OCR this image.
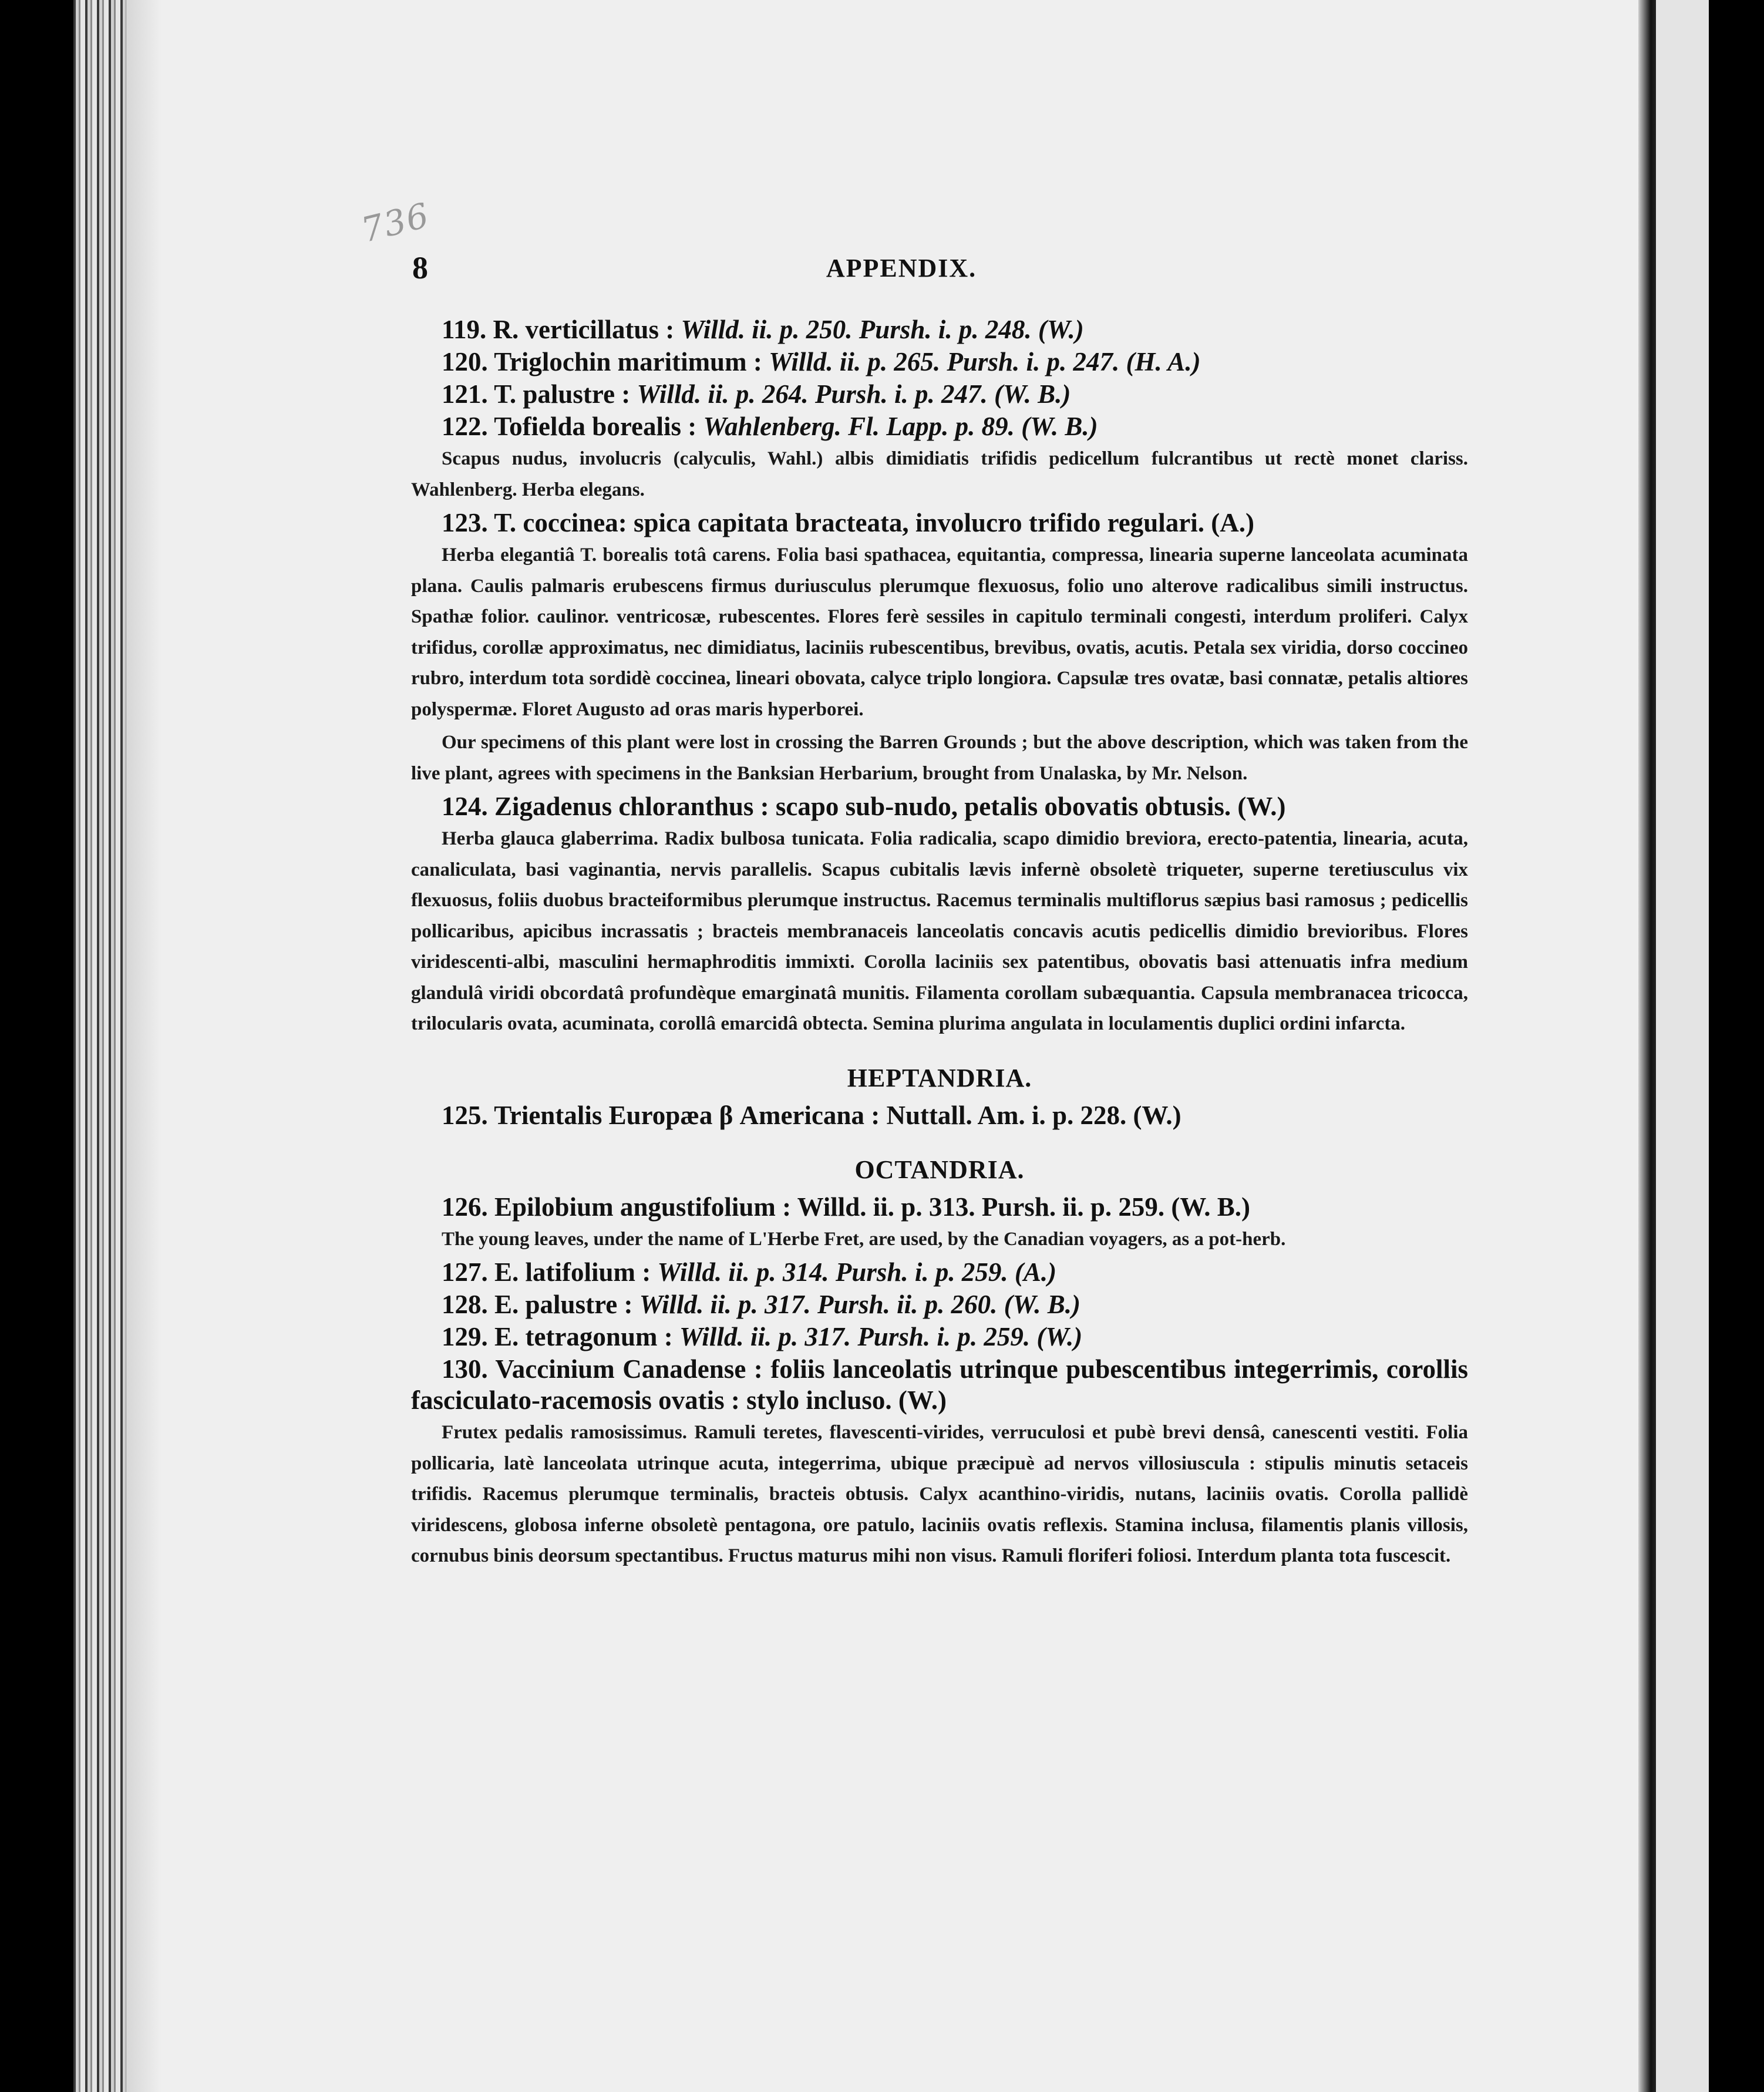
736
8	APPENDIX.
119. R. verticillatus : Willd. ii. p. 250. Pursh. i. p. 248. (W.)
120. Triglochin maritimum : Willd. ii. p. 265. Pursh. i. p. 247. (H. A.)
121. T. palustre : Willd. ii. p. 264. Pursh. i. p. 247. (W. B.)
122. Tofielda borealis : Wahlenberg. Fl. Lapp. p. 89. (W. B.)

Scapus nudus, involucris (calyculis, Wahl.) albis dimidiatis trifidis pedicellum fulcrantibus ut rectè monet clariss. Wahlenberg. Herba elegans.

123. T. coccinea: spica capitata bracteata, involucro trifido regulari. (A.)

Herba elegantiâ T. borealis totâ carens. Folia basi spathacea, equitantia, compressa, linearia superne lanceolata acuminata plana. Caulis palmaris erubescens firmus duriusculus plerumque flexuosus, folio uno alterove radicalibus simili instructus. Spathæ folior. caulinor. ventricosæ, rubescentes. Flores ferè sessiles in capitulo terminali congesti, interdum proliferi. Calyx trifidus, corollæ approximatus, nec dimidiatus, laciniis rubescentibus, brevibus, ovatis, acutis. Petala sex viridia, dorso coccineo rubro, interdum tota sordidè coccinea, lineari obovata, calyce triplo longiora. Capsulæ tres ovatæ, basi connatæ, petalis altiores polyspermæ. Floret Augusto ad oras maris hyperborei.

Our specimens of this plant were lost in crossing the Barren Grounds ; but the above description, which was taken from the live plant, agrees with specimens in the Banksian Herbarium, brought from Unalaska, by Mr. Nelson.

124. Zigadenus chloranthus : scapo sub-nudo, petalis obovatis obtusis. (W.)

Herba glauca glaberrima. Radix bulbosa tunicata. Folia radicalia, scapo dimidio breviora, erecto-patentia, linearia, acuta, canaliculata, basi vaginantia, nervis parallelis. Scapus cubitalis lævis infernè obsoletè triqueter, superne teretiusculus vix flexuosus, foliis duobus bracteiformibus plerumque instructus. Racemus terminalis multiflorus sæpius basi ramosus ; pedicellis pollicaribus, apicibus incrassatis ; bracteis membranaceis lanceolatis concavis acutis pedicellis dimidio brevioribus. Flores viridescenti-albi, masculini hermaphroditis immixti. Corolla laciniis sex patentibus, obovatis basi attenuatis infra medium glandulâ viridi obcordatâ profundèque emarginatâ munitis. Filamenta corollam subæquantia. Capsula membranacea tricocca, trilocularis ovata, acuminata, corollâ emarcidâ obtecta. Semina plurima angulata in loculamentis duplici ordini infarcta.

HEPTANDRIA.
125. Trientalis Europæa β Americana : Nuttall. Am. i. p. 228. (W.)
OCTANDRIA.
126. Epilobium angustifolium : Willd. ii. p. 313. Pursh. ii. p. 259. (W. B.)

The young leaves, under the name of L'Herbe Fret, are used, by the Canadian voyagers, as a pot-herb.

127. E. latifolium : Willd. ii. p. 314. Pursh. i. p. 259. (A.)
128. E. palustre : Willd. ii. p. 317. Pursh. ii. p. 260. (W. B.)
129. E. tetragonum : Willd. ii. p. 317. Pursh. i. p. 259. (W.)
130. Vaccinium Canadense : foliis lanceolatis utrinque pubescentibus integerrimis, corollis fasciculato-racemosis ovatis : stylo incluso. (W.)

Frutex pedalis ramosissimus. Ramuli teretes, flavescenti-virides, verruculosi et pubè brevi densâ, canescenti vestiti. Folia pollicaria, latè lanceolata utrinque acuta, integerrima, ubique præcipuè ad nervos villosiuscula : stipulis minutis setaceis trifidis. Racemus plerumque terminalis, bracteis obtusis. Calyx acanthino-viridis, nutans, laciniis ovatis. Corolla pallidè viridescens, globosa inferne obsoletè pentagona, ore patulo, laciniis ovatis reflexis. Stamina inclusa, filamentis planis villosis, cornubus binis deorsum spectantibus. Fructus maturus mihi non visus. Ramuli floriferi foliosi. Interdum planta tota fuscescit.
